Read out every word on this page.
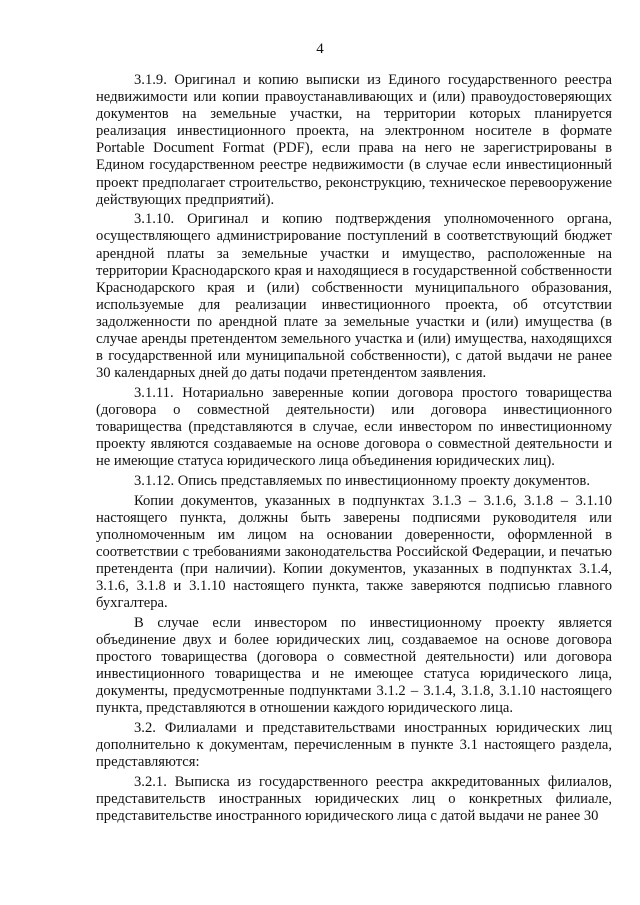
4

3.1.9. Оригинал и копию выписки из Единого государственного реестра недвижимости или копии правоустанавливающих и (или) правоудостоверяющих документов на земельные участки, на территории которых планируется реализация инвестиционного проекта, на электронном носителе в формате Portable Document Format (PDF), если права на него не зарегистрированы в Едином государственном реестре недвижимости (в случае если инвестиционный проект предполагает строительство, реконструкцию, техническое перевооружение действующих предприятий).

3.1.10. Оригинал и копию подтверждения уполномоченного органа, осуществляющего администрирование поступлений в соответствующий бюджет арендной платы за земельные участки и имущество, расположенные на территории Краснодарского края и находящиеся в государственной собственности Краснодарского края и (или) собственности муниципального образования, используемые для реализации инвестиционного проекта, об отсутствии задолженности по арендной плате за земельные участки и (или) имущества (в случае аренды претендентом земельного участка и (или) имущества, находящихся в государственной или муниципальной собственности), с датой выдачи не ранее 30 календарных дней до даты подачи претендентом заявления.

3.1.11. Нотариально заверенные копии договора простого товарищества (договора о совместной деятельности) или договора инвестиционного товарищества (представляются в случае, если инвестором по инвестиционному проекту являются создаваемые на основе договора о совместной деятельности и не имеющие статуса юридического лица объединения юридических лиц).

3.1.12. Опись представляемых по инвестиционному проекту документов.

Копии документов, указанных в подпунктах 3.1.3 – 3.1.6, 3.1.8 – 3.1.10 настоящего пункта, должны быть заверены подписями руководителя или уполномоченным им лицом на основании доверенности, оформленной в соответствии с требованиями законодательства Российской Федерации, и печатью претендента (при наличии). Копии документов, указанных в подпунктах 3.1.4, 3.1.6, 3.1.8 и 3.1.10 настоящего пункта, также заверяются подписью главного бухгалтера.

В случае если инвестором по инвестиционному проекту является объединение двух и более юридических лиц, создаваемое на основе договора простого товарищества (договора о совместной деятельности) или договора инвестиционного товарищества и не имеющее статуса юридического лица, документы, предусмотренные подпунктами 3.1.2 – 3.1.4, 3.1.8, 3.1.10 настоящего пункта, представляются в отношении каждого юридического лица.

3.2. Филиалами и представительствами иностранных юридических лиц дополнительно к документам, перечисленным в пункте 3.1 настоящего раздела, представляются:

3.2.1. Выписка из государственного реестра аккредитованных филиалов, представительств иностранных юридических лиц о конкретных филиале, представительстве иностранного юридического лица с датой выдачи не ранее 30
